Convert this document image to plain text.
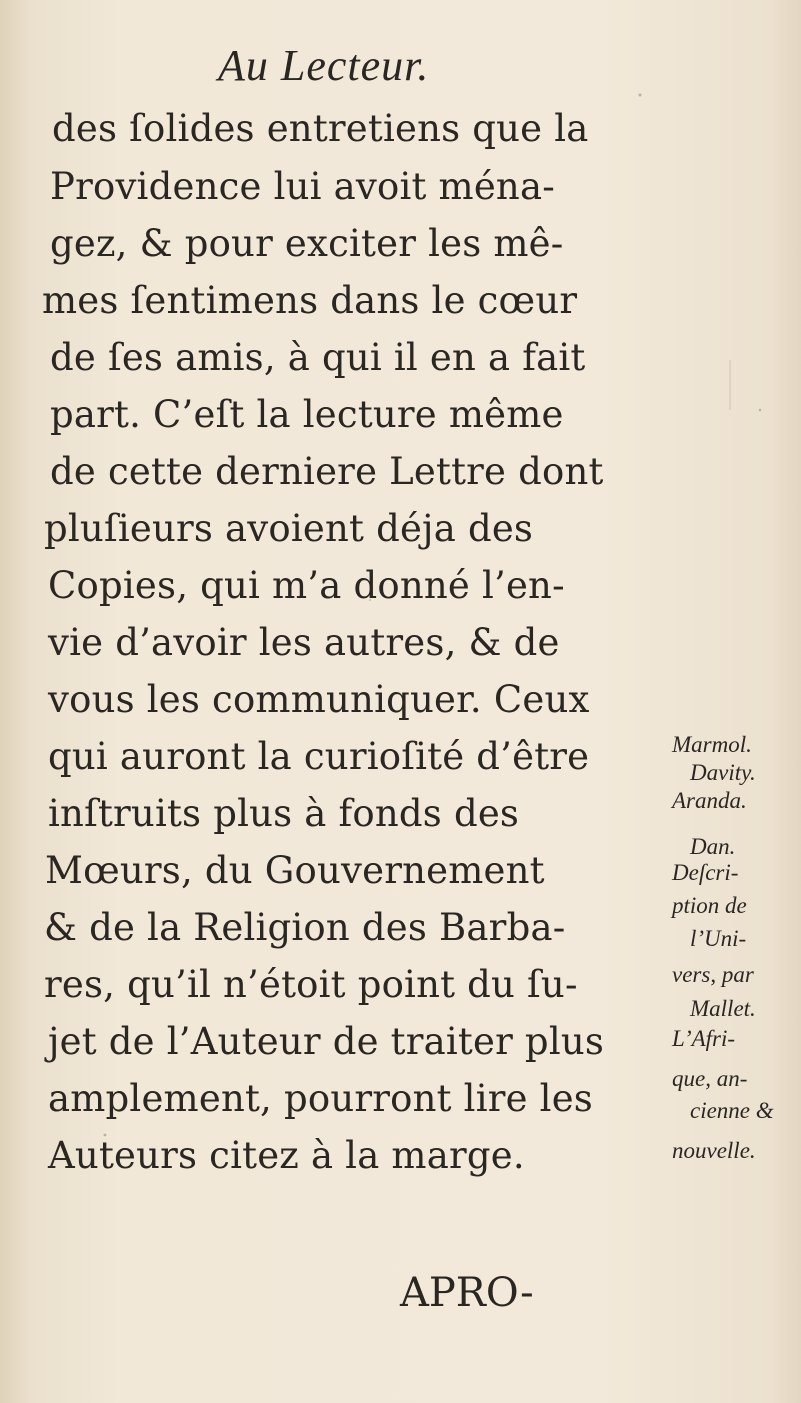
Au Lecteur.
des ſolides entretiens que la
Providence lui avoit ména-
gez, & pour exciter les mê-
mes ſentimens dans le cœur
de ſes amis, à qui il en a fait
part. C’eſt la lecture même
de cette derniere Lettre dont
pluſieurs avoient déja des
Copies, qui m’a donné l’en-
vie d’avoir les autres, & de
vous les communiquer. Ceux
qui auront la curioſité d’être
inſtruits plus à fonds des
Mœurs, du Gouvernement
& de la Religion des Barba-
res, qu’il n’étoit point du ſu-
jet de l’Auteur de traiter plus
amplement, pourront lire les
Auteurs citez à la marge.
Marmol.
Davity.
Aranda.
Dan.
Deſcri-
ption de
l’Uni-
vers, par
Mallet.
L’Afri-
que, an-
cienne &
nouvelle.
APRO-
